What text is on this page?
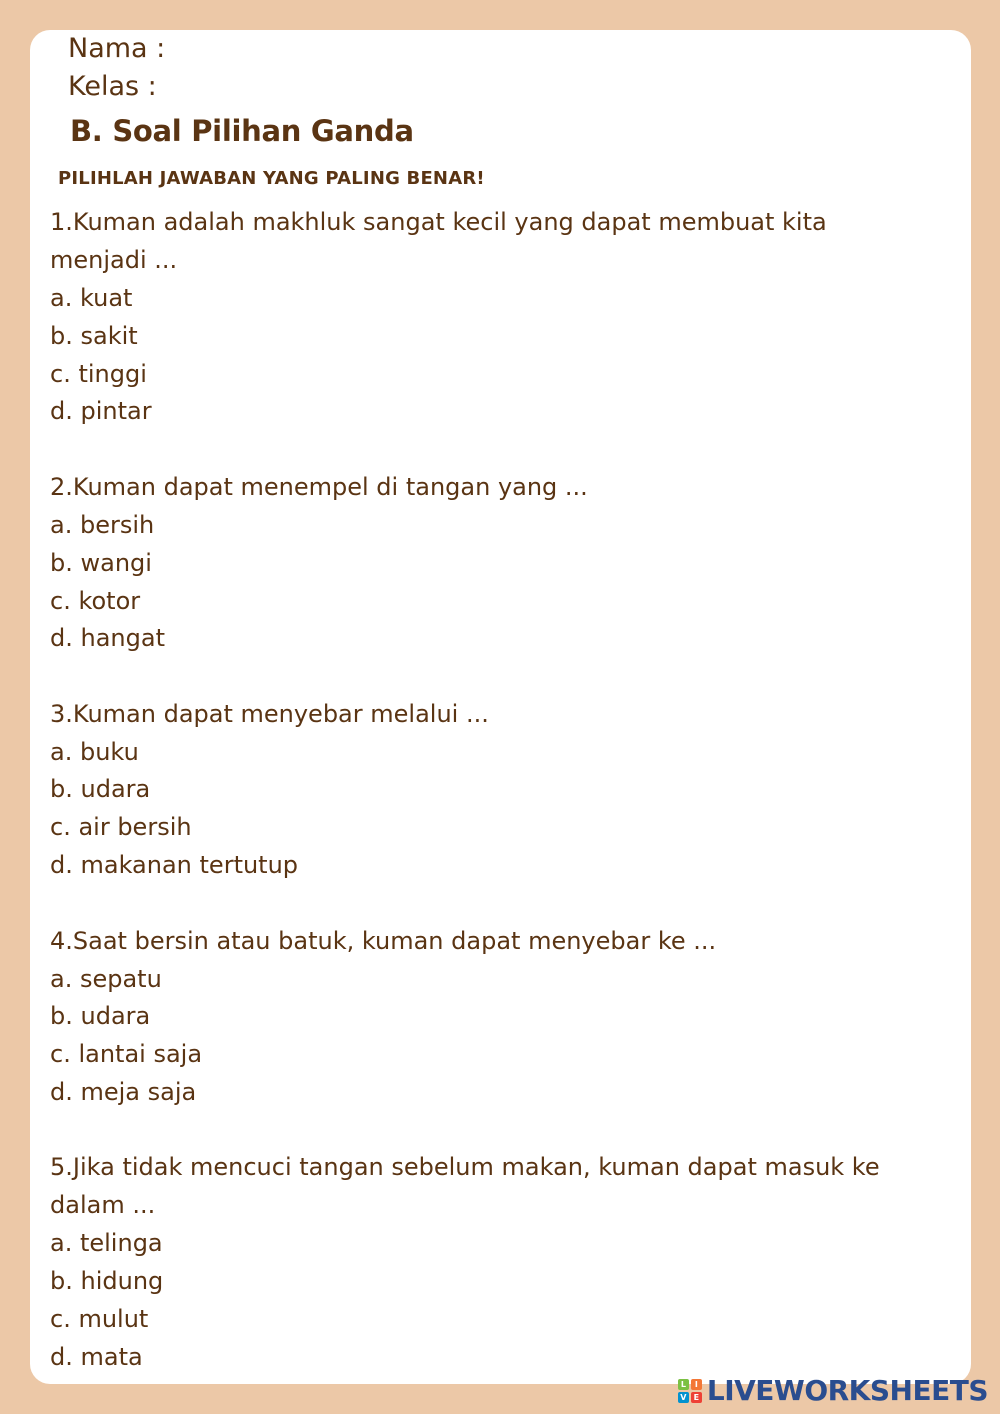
Nama :
Kelas :
B. Soal Pilihan Ganda
PILIHLAH JAWABAN YANG PALING BENAR!

1.Kuman adalah makhluk sangat kecil yang dapat membuat kita menjadi ...

a. kuat

b. sakit

c. tinggi

d. pintar

2.Kuman dapat menempel di tangan yang ...

a. bersih

b. wangi

c. kotor

d. hangat

3.Kuman dapat menyebar melalui ...

a. buku

b. udara

c. air bersih

d. makanan tertutup

4.Saat bersin atau batuk, kuman dapat menyebar ke ...

a. sepatu

b. udara

c. lantai saja

d. meja saja

5.Jika tidak mencuci tangan sebelum makan, kuman dapat masuk ke dalam ...

a. telinga

b. hidung

c. mulut

d. mata

L	I
V E LIVEWORKSHEETS
